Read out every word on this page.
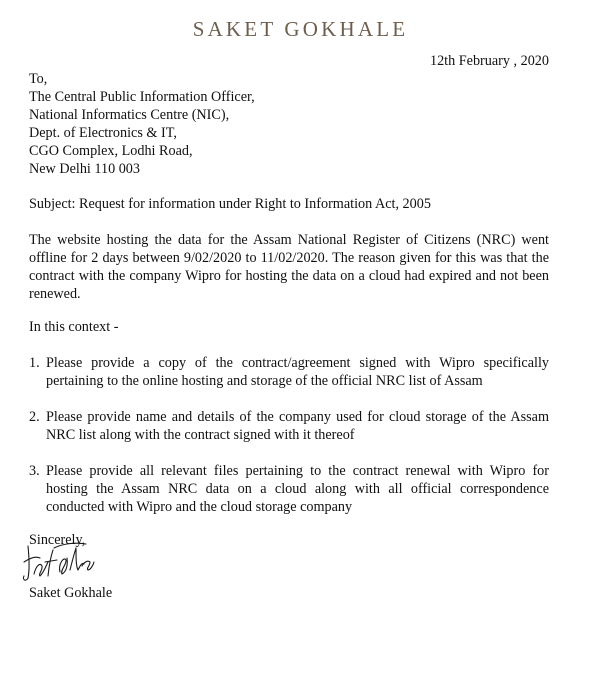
SAKET GOKHALE
12th February , 2020
To,
The Central Public Information Officer,
National Informatics Centre (NIC),
Dept. of Electronics & IT,
CGO Complex, Lodhi Road,
New Delhi 110 003
Subject: Request for information under Right to Information Act, 2005
The website hosting the data for the Assam National Register of Citizens (NRC) went offline for 2 days between 9/02/2020 to 11/02/2020. The reason given for this was that the contract with the company Wipro for hosting the data on a cloud had expired and not been renewed.
In this context -
1. Please provide a copy of the contract/agreement signed with Wipro specifically pertaining to the online hosting and storage of the official NRC list of Assam
2. Please provide name and details of the company used for cloud storage of the Assam NRC list along with the contract signed with it thereof
3. Please provide all relevant files pertaining to the contract renewal with Wipro for hosting the Assam NRC data on a cloud along with all official correspondence conducted with Wipro and the cloud storage company
Sincerely,
Saket Gokhale
